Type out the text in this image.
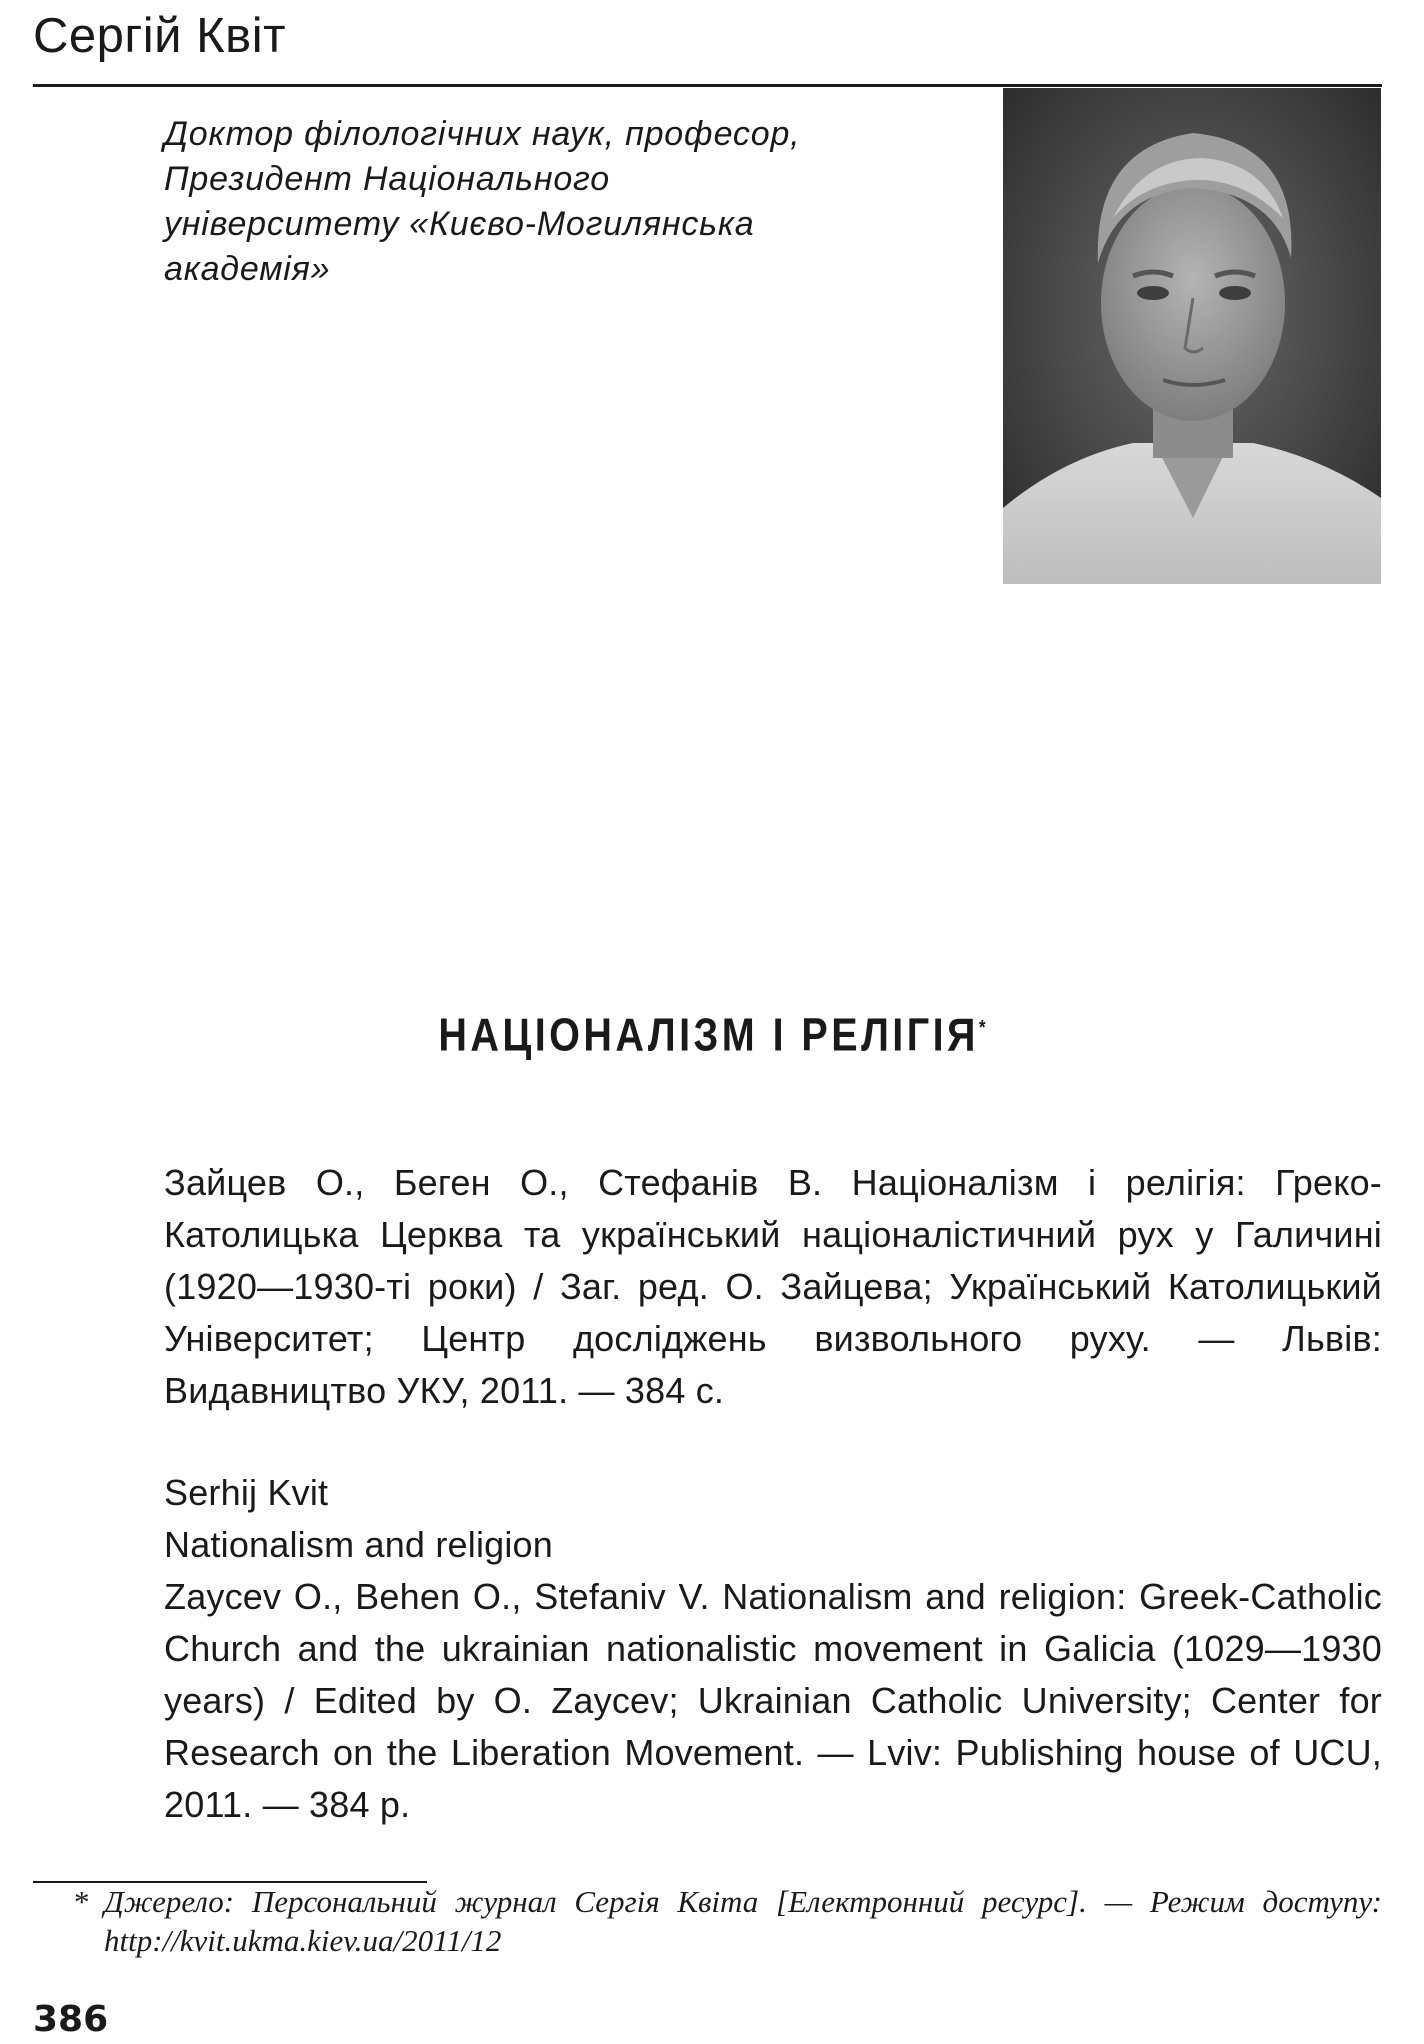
Сергій Квіт
Доктор філологічних наук, професор,
Президент Національного
університету «Києво-Могилянська
академія»
НАЦІОНАЛІЗМ І РЕЛІГІЯ*

Зайцев О., Беген О., Стефанів В. Націоналізм і релігія: Греко-Католицька Церква та український націоналістичний рух у Галичині (1920—1930-ті роки) / Заг. ред. О. Зайцева; Український Католицький Університет; Центр досліджень визвольного руху. — Львів: Видавництво УКУ, 2011. — 384 с.

Serhij Kvit

Nationalism and religion

Zaycev O., Behen O., Stefaniv V. Nationalism and religion: Greek-Catholic Church and the ukrainian nationalistic movement in Galicia (1029—1930 years) / Edited by O. Zaycev; Ukrainian Catholic University; Center for Research on the Liberation Movement. — Lviv: Publishing house of UCU, 2011. — 384 p.

* Джерело: Персональний журнал Сергія Квіта [Електронний ресурс]. — Режим доступу: http://kvit.ukma.kiev.ua/2011/12
386
